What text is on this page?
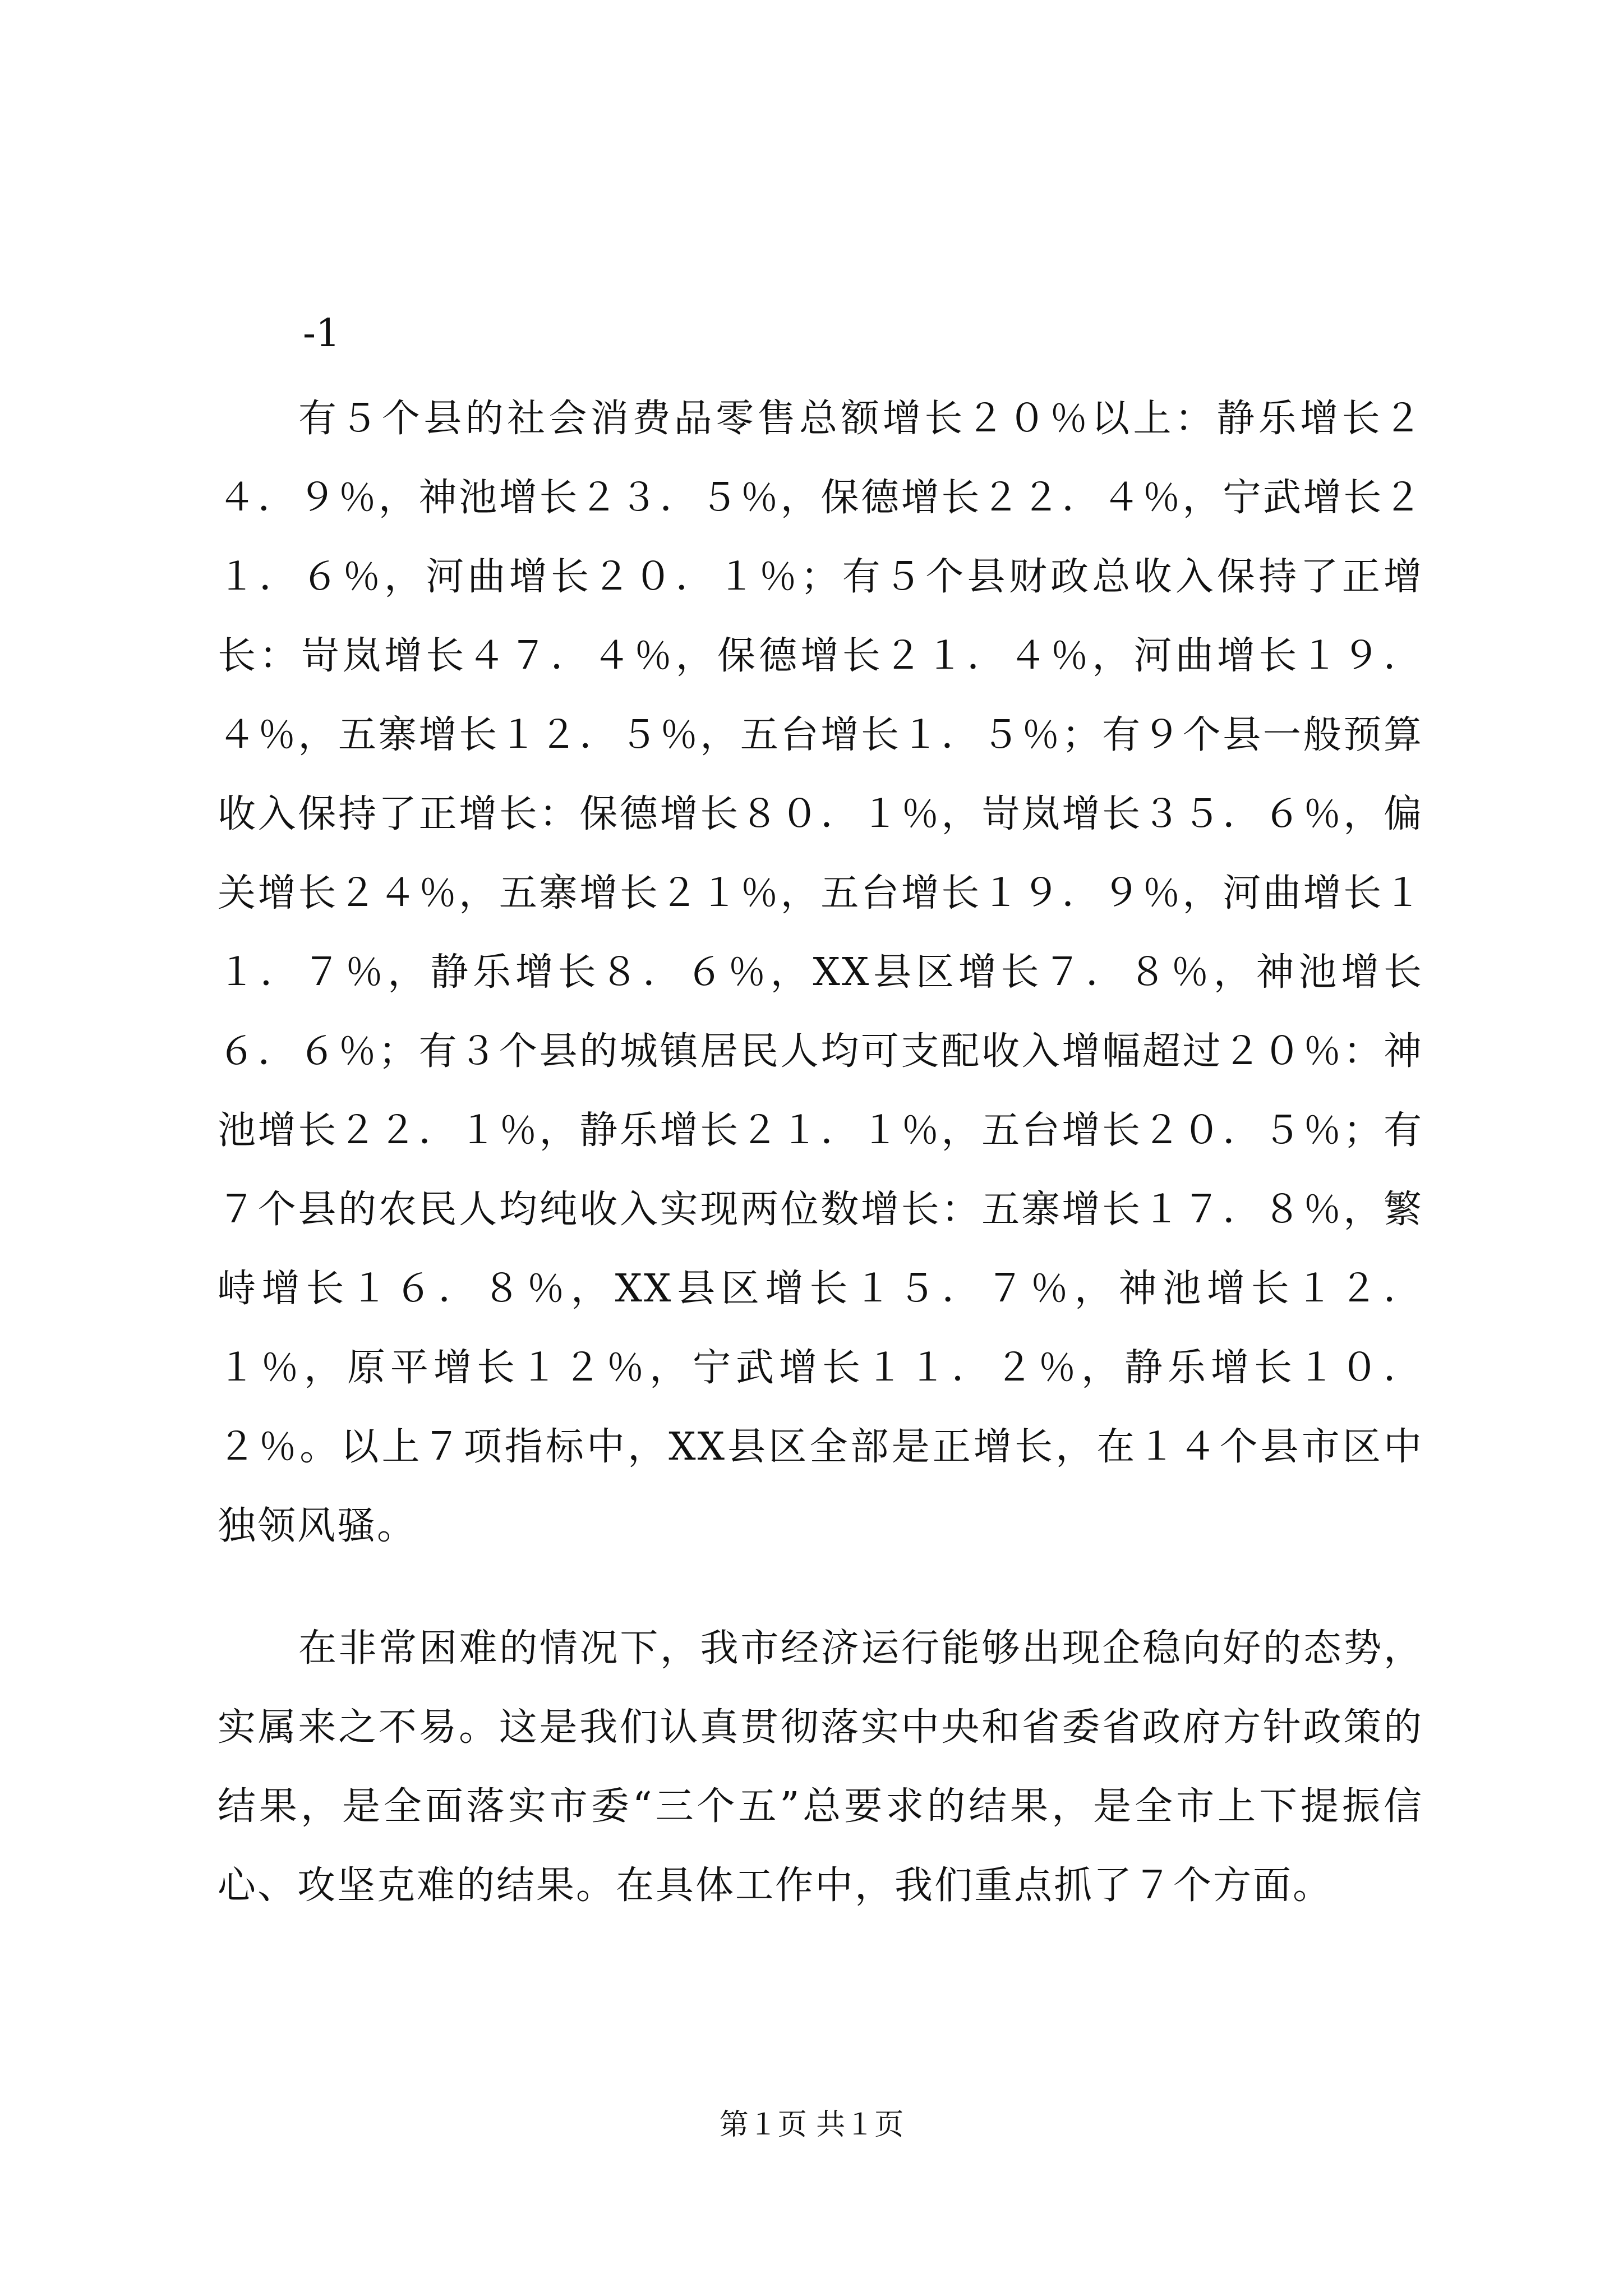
-1

有５个县的社会消费品零售总额增长２０％以上：静乐增长２４．９％，神池增长２３．５％，保德增长２２．４％，宁武增长２１．６％，河曲增长２０．１％；有５个县财政总收入保持了正增长：岢岚增长４７．４％，保德增长２１．４％，河曲增长１９．４％，五寨增长１２．５％，五台增长１．５％；有９个县一般预算收入保持了正增长：保德增长８０．１％，岢岚增长３５．６％，偏关增长２４％，五寨增长２１％，五台增长１９．９％，河曲增长１１．７％，静乐增长８．６％，XX县区增长７．８％，神池增长６．６％；有３个县的城镇居民人均可支配收入增幅超过２０％：神池增长２２．１％，静乐增长２１．１％，五台增长２０．５％；有７个县的农民人均纯收入实现两位数增长：五寨增长１７．８％，繁峙增长１６．８％，XX县区增长１５．７％，神池增长１２．１％，原平增长１２％，宁武增长１１．２％，静乐增长１０．２％。以上７项指标中，XX县区全部是正增长，在１４个县市区中独领风骚。

在非常困难的情况下，我市经济运行能够出现企稳向好的态势，实属来之不易。这是我们认真贯彻落实中央和省委省政府方针政策的结果，是全面落实市委“三个五”总要求的结果，是全市上下提振信心、攻坚克难的结果。在具体工作中，我们重点抓了７个方面。

第１页 共１页
